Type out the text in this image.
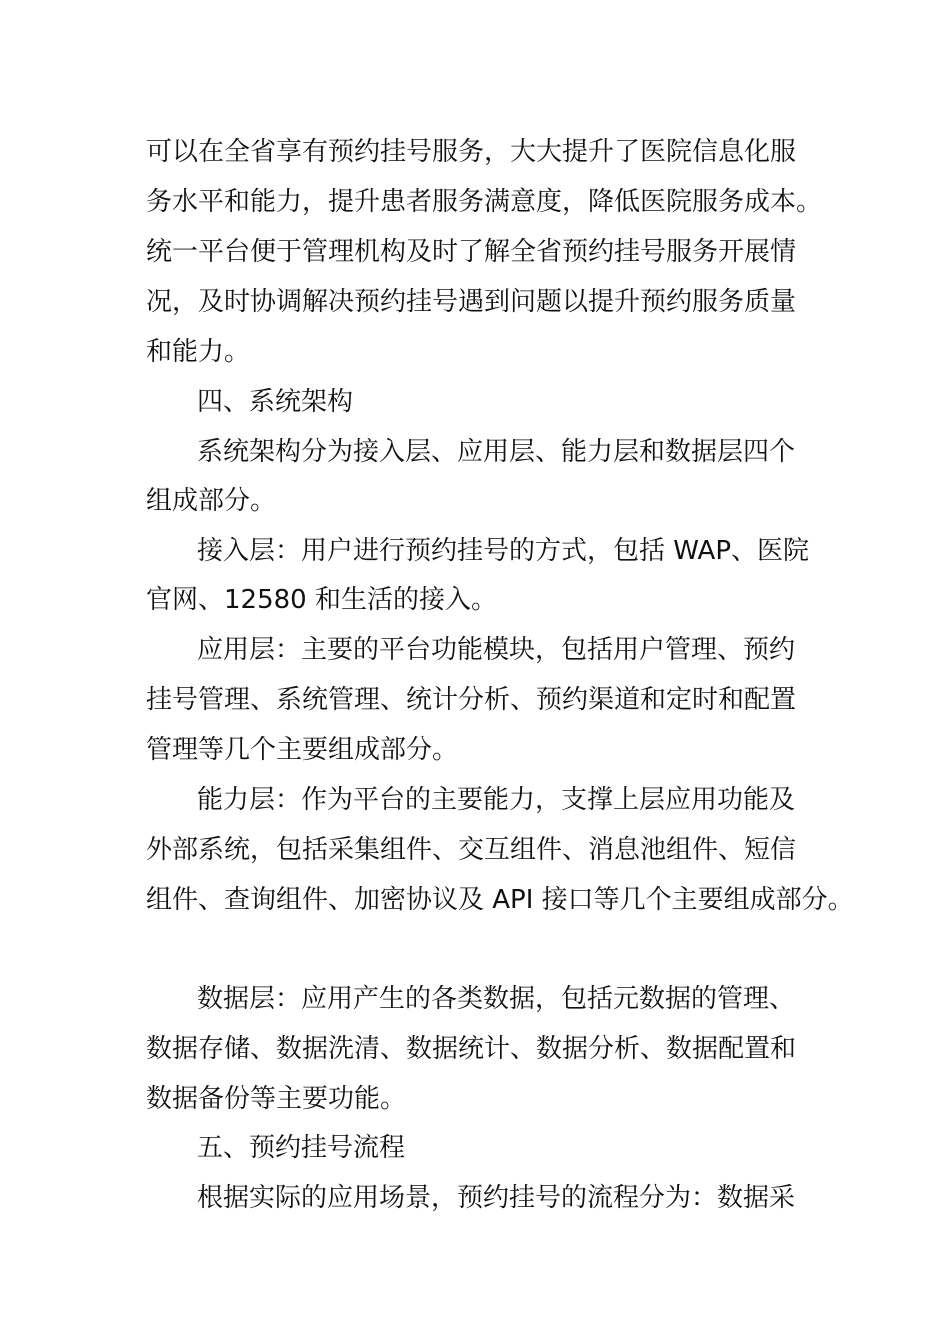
可以在全省享有预约挂号服务，大大提升了医院信息化服
务水平和能力，提升患者服务满意度，降低医院服务成本。
统一平台便于管理机构及时了解全省预约挂号服务开展情
况，及时协调解决预约挂号遇到问题以提升预约服务质量
和能力。
四、系统架构
系统架构分为接入层、应用层、能力层和数据层四个
组成部分。
接入层：用户进行预约挂号的方式，包括 WAP、医院
官网、12580 和生活的接入。
应用层：主要的平台功能模块，包括用户管理、预约
挂号管理、系统管理、统计分析、预约渠道和定时和配置
管理等几个主要组成部分。
能力层：作为平台的主要能力，支撑上层应用功能及
外部系统，包括采集组件、交互组件、消息池组件、短信
组件、查询组件、加密协议及 API 接口等几个主要组成部分。
数据层：应用产生的各类数据，包括元数据的管理、
数据存储、数据洗清、数据统计、数据分析、数据配置和
数据备份等主要功能。
五、预约挂号流程
根据实际的应用场景，预约挂号的流程分为：数据采
